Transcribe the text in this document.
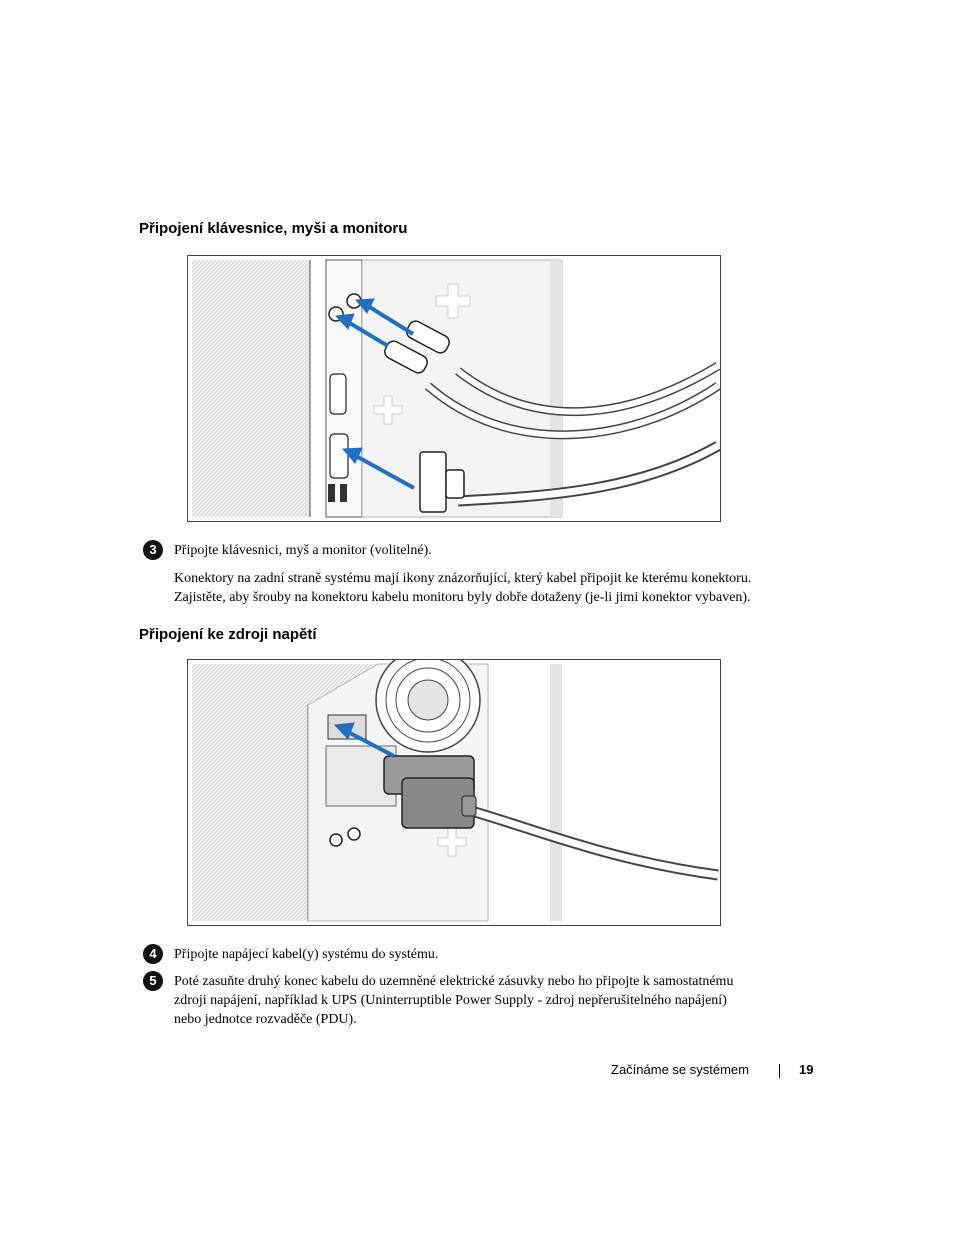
Připojení klávesnice, myši a monitoru
3	Připojte klávesnici, myš a monitor (volitelné).
Konektory na zadní straně systému mají ikony znázorňující, který kabel připojit ke kterému konektoru.
Zajistěte, aby šrouby na konektoru kabelu monitoru byly dobře dotaženy (je-li jimi konektor vybaven).
Připojení ke zdroji napětí
4	Připojte napájecí kabel(y) systému do systému.
5	Poté zasuňte druhý konec kabelu do uzemněné elektrické zásuvky nebo ho připojte k samostatnému
zdroji napájení, například k UPS (Uninterruptible Power Supply - zdroj nepřerušitelného napájení)
nebo jednotce rozvaděče (PDU).
Začínáme se systémem	19
